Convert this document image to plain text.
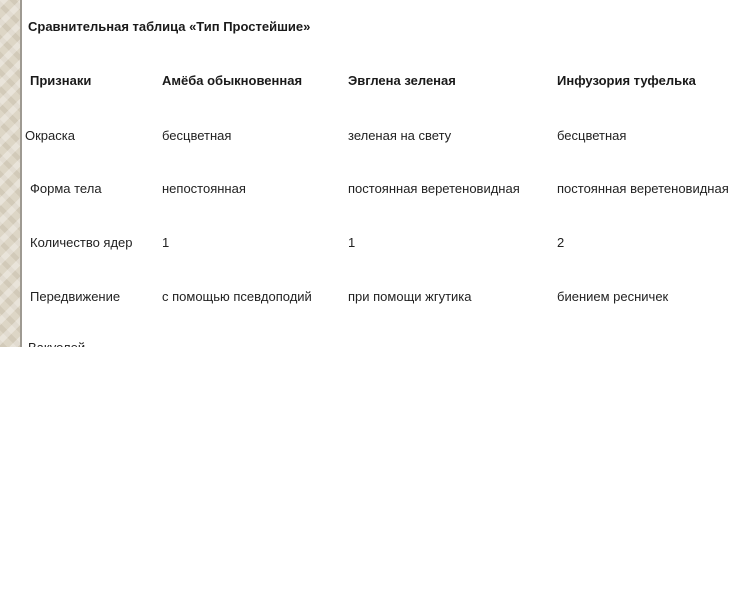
Сравнительная таблица «Тип Простейшие»
Признаки	Амёба обыкновенная	Эвглена зеленая	Инфузория туфелька
Окраска	бесцветная	зеленая на свету	бесцветная
Форма тела	непостоянная	постоянная веретеновидная	постоянная веретеновидная
Количество ядер 1	1	2
Передвижение	с помощью псевдоподий	при помощи жгутика	биением ресничек
